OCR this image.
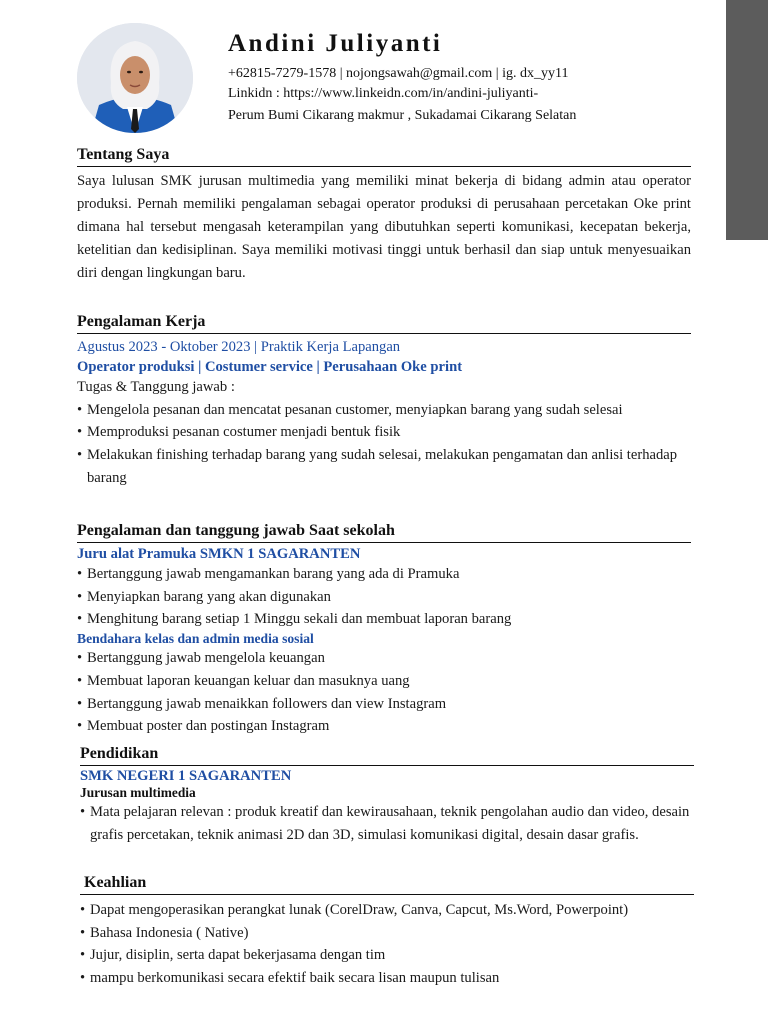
Andini Juliyanti
+62815-7279-1578 | nojongsawah@gmail.com | ig. dx_yy11
Linkidn : https://www.linkeidn.com/in/andini-juliyanti-
Perum Bumi Cikarang makmur , Sukadamai Cikarang Selatan
Tentang Saya
Saya lulusan SMK jurusan multimedia yang memiliki minat bekerja di bidang admin atau operator produksi. Pernah memiliki pengalaman sebagai operator produksi di perusahaan percetakan Oke print dimana hal tersebut mengasah keterampilan yang dibutuhkan seperti komunikasi, kecepatan bekerja, ketelitian dan kedisiplinan. Saya memiliki motivasi tinggi untuk berhasil dan siap untuk menyesuaikan diri dengan lingkungan baru.
Pengalaman Kerja
Agustus 2023 - Oktober 2023 | Praktik Kerja Lapangan
Operator produksi | Costumer service | Perusahaan Oke print
Tugas & Tanggung jawab :
• Mengelola pesanan dan mencatat pesanan customer, menyiapkan barang yang sudah selesai
• Memproduksi pesanan costumer menjadi bentuk fisik
• Melakukan finishing terhadap barang yang sudah selesai, melakukan pengamatan dan anlisi terhadap barang
Pengalaman dan tanggung jawab Saat sekolah
Juru alat Pramuka SMKN 1 SAGARANTEN
• Bertanggung jawab mengamankan barang yang ada di Pramuka
• Menyiapkan barang yang akan digunakan
• Menghitung barang setiap 1 Minggu sekali dan membuat laporan barang
Bendahara kelas dan admin media sosial
• Bertanggung jawab mengelola keuangan
• Membuat laporan keuangan keluar dan masuknya uang
• Bertanggung jawab menaikkan followers dan view Instagram
• Membuat poster dan postingan Instagram
Pendidikan
SMK NEGERI 1 SAGARANTEN
Jurusan multimedia
• Mata pelajaran relevan : produk kreatif dan kewirausahaan, teknik pengolahan audio dan video, desain grafis percetakan, teknik animasi 2D dan 3D, simulasi komunikasi digital, desain dasar grafis.
Keahlian
• Dapat mengoperasikan perangkat lunak (CorelDraw, Canva, Capcut, Ms.Word, Powerpoint)
• Bahasa Indonesia ( Native)
• Jujur, disiplin, serta dapat bekerjasama dengan tim
• mampu berkomunikasi secara efektif baik secara lisan maupun tulisan
